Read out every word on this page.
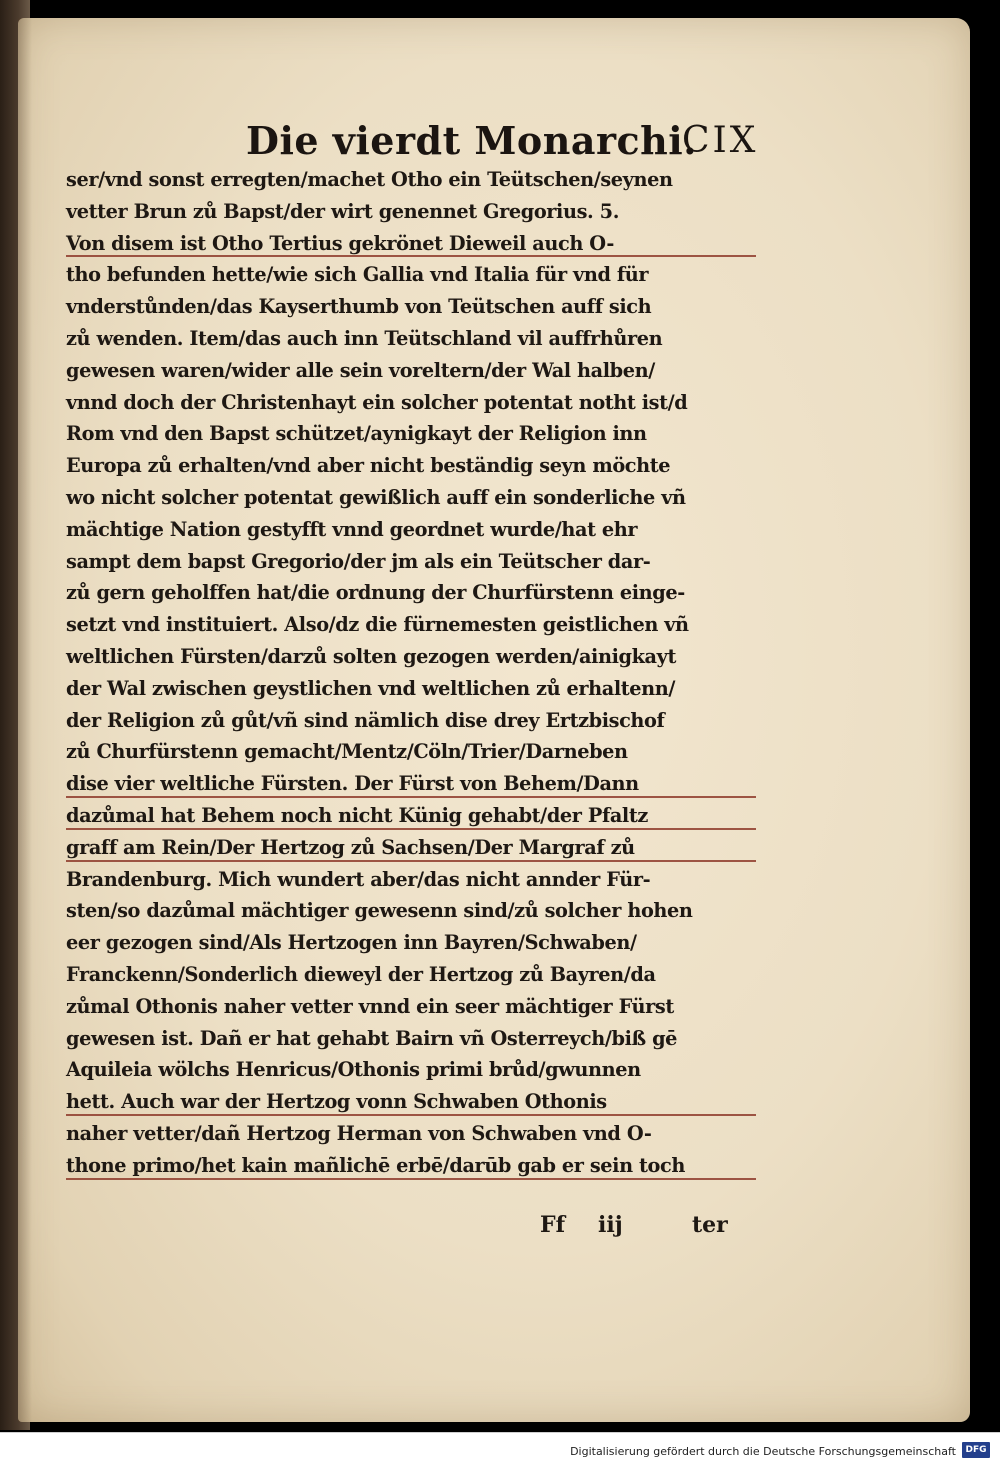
Die vierdt Monarchi.
CIX
ser/vnd sonst erregten/machet Otho ein Teütschen/seynen
vetter Brun zů Bapst/der wirt genennet Gregorius. 5.
Von disem ist Otho Tertius gekrönet Dieweil auch O-
tho befunden hette/wie sich Gallia vnd Italia für vnd für
vnderstůnden/das Kayserthumb von Teütschen auff sich
zů wenden. Item/das auch inn Teütschland vil auffrhůren
gewesen waren/wider alle sein voreltern/der Wal halben/
vnnd doch der Christenhayt ein solcher potentat notht ist/d
Rom vnd den Bapst schützet/aynigkayt der Religion inn
Europa zů erhalten/vnd aber nicht beständig seyn möchte
wo nicht solcher potentat gewißlich auff ein sonderliche vñ
mächtige Nation gestyfft vnnd geordnet wurde/hat ehr
sampt dem bapst Gregorio/der jm als ein Teütscher dar-
zů gern geholffen hat/die ordnung der Churfürstenn einge-
setzt vnd instituiert. Also/dz die fürnemesten geistlichen vñ
weltlichen Fürsten/darzů solten gezogen werden/ainigkayt
der Wal zwischen geystlichen vnd weltlichen zů erhaltenn/
der Religion zů gůt/vñ sind nämlich dise drey Ertzbischof
zů Churfürstenn gemacht/Mentz/Cöln/Trier/Darneben
dise vier weltliche Fürsten. Der Fürst von Behem/Dann
dazůmal hat Behem noch nicht Künig gehabt/der Pfaltz
graff am Rein/Der Hertzog zů Sachsen/Der Margraf zů
Brandenburg. Mich wundert aber/das nicht annder Für-
sten/so dazůmal mächtiger gewesenn sind/zů solcher hohen
eer gezogen sind/Als Hertzogen inn Bayren/Schwaben/
Franckenn/Sonderlich dieweyl der Hertzog zů Bayren/da
zůmal Othonis naher vetter vnnd ein seer mächtiger Fürst
gewesen ist. Dañ er hat gehabt Bairn vñ Osterreych/biß gē
Aquileia wölchs Henricus/Othonis primi brůd/gwunnen
hett. Auch war der Hertzog vonn Schwaben Othonis
naher vetter/dañ Hertzog Herman von Schwaben vnd O-
thone primo/het kain mañlichē erbē/darūb gab er sein toch
Ff iij	ter
Digitalisierung gefördert durch die Deutsche Forschungsgemeinschaft	DFG
